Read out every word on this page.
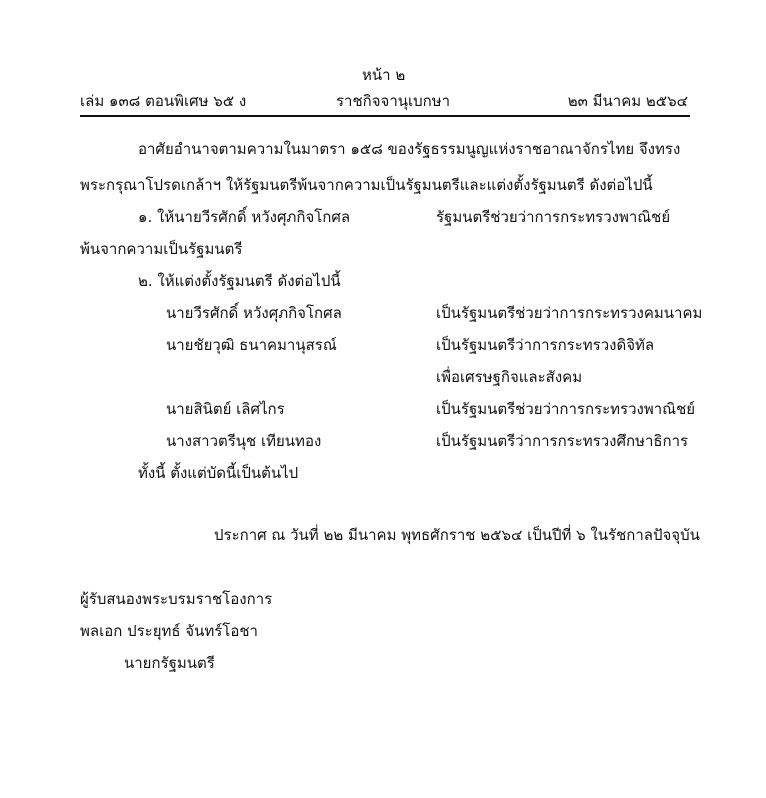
หน้า ๒
เล่ม ๑๓๘ ตอนพิเศษ ๖๕ ง	ราชกิจจานุเบกษา	๒๓ มีนาคม ๒๕๖๔
อาศัยอำนาจตามความในมาตรา ๑๕๘ ของรัฐธรรมนูญแห่งราชอาณาจักรไทย จึงทรง
พระกรุณาโปรดเกล้าฯ ให้รัฐมนตรีพ้นจากความเป็นรัฐมนตรีและแต่งตั้งรัฐมนตรี ดังต่อไปนี้
๑. ให้นายวีรศักดิ์ หวังศุภกิจโกศล	รัฐมนตรีช่วยว่าการกระทรวงพาณิชย์
พ้นจากความเป็นรัฐมนตรี
๒. ให้แต่งตั้งรัฐมนตรี ดังต่อไปนี้
นายวีรศักดิ์ หวังศุภกิจโกศล	เป็นรัฐมนตรีช่วยว่าการกระทรวงคมนาคม
นายชัยวุฒิ ธนาคมานุสรณ์	เป็นรัฐมนตรีว่าการกระทรวงดิจิทัล
เพื่อเศรษฐกิจและสังคม
นายสินิตย์ เลิศไกร	เป็นรัฐมนตรีช่วยว่าการกระทรวงพาณิชย์
นางสาวตรีนุช เทียนทอง	เป็นรัฐมนตรีว่าการกระทรวงศึกษาธิการ
ทั้งนี้ ตั้งแต่บัดนี้เป็นต้นไป
ประกาศ ณ วันที่ ๒๒ มีนาคม พุทธศักราช ๒๕๖๔ เป็นปีที่ ๖ ในรัชกาลปัจจุบัน
ผู้รับสนองพระบรมราชโองการ
พลเอก ประยุทธ์ จันทร์โอชา
นายกรัฐมนตรี
